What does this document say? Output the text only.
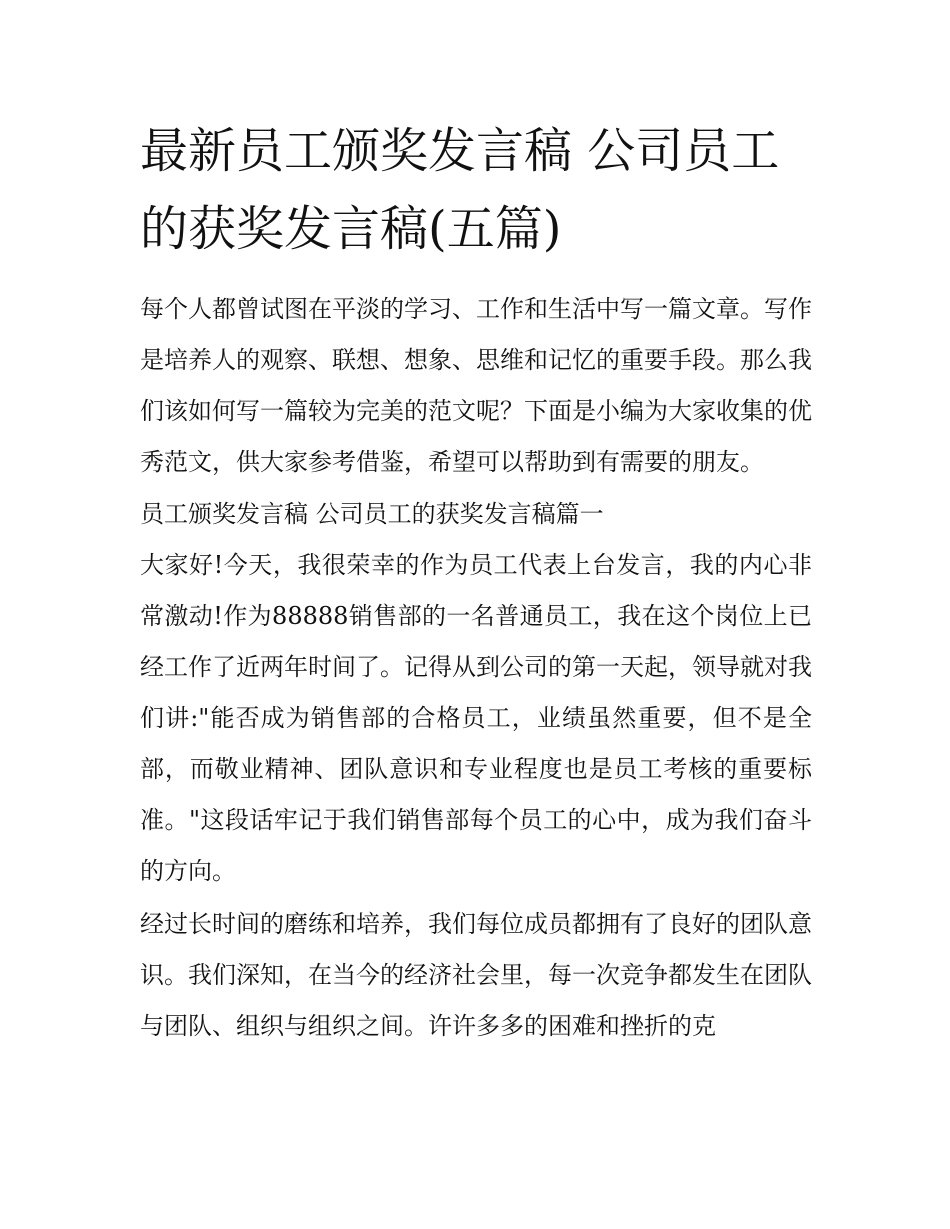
最新员工颁奖发言稿 公司员工的获奖发言稿(五篇)

每个人都曾试图在平淡的学习、工作和生活中写一篇文章。写作是培养人的观察、联想、想象、思维和记忆的重要手段。那么我们该如何写一篇较为完美的范文呢？下面是小编为大家收集的优秀范文，供大家参考借鉴，希望可以帮助到有需要的朋友。

员工颁奖发言稿 公司员工的获奖发言稿篇一

大家好!今天，我很荣幸的作为员工代表上台发言，我的内心非常激动!作为88888销售部的一名普通员工，我在这个岗位上已经工作了近两年时间了。记得从到公司的第一天起，领导就对我们讲:"能否成为销售部的合格员工，业绩虽然重要，但不是全部，而敬业精神、团队意识和专业程度也是员工考核的重要标准。"这段话牢记于我们销售部每个员工的心中，成为我们奋斗的方向。

经过长时间的磨练和培养，我们每位成员都拥有了良好的团队意识。我们深知，在当今的经济社会里，每一次竞争都发生在团队与团队、组织与组织之间。许许多多的困难和挫折的克
